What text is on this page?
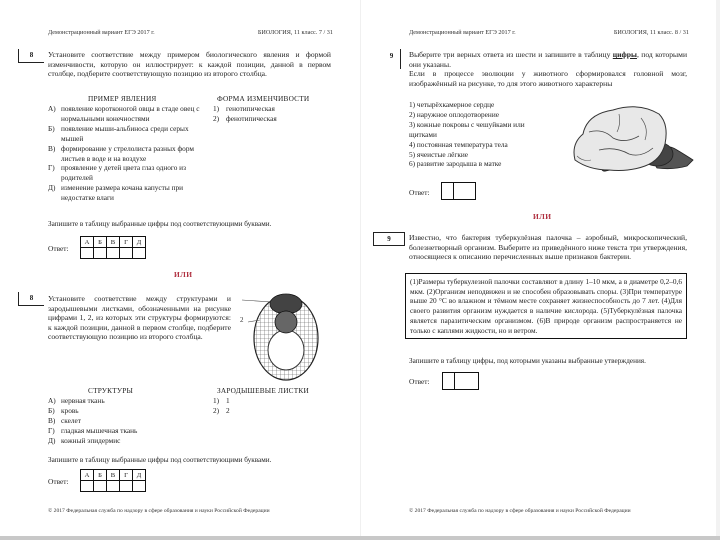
Демонстрационный вариант ЕГЭ 2017 г.	БИОЛОГИЯ, 11 класс. 7 / 31
8	Установите соответствие между примером биологического явления и формой изменчивости, которую он иллюстрирует: к каждой позиции, данной в первом столбце, подберите соответствующую позицию из второго столбца.
ПРИМЕР ЯВЛЕНИЯ	ФОРМА ИЗМЕНЧИВОСТИ
А) появление коротконогой овцы в стаде овец с нормальными конечностями
Б) появление мыши-альбиноса среди серых мышей
В) формирование у стрелолиста разных форм листьев в воде и на воздухе
Г) проявление у детей цвета глаз одного из родителей
Д) изменение размера кочана капусты при недостатке влаги
1) генотипическая
2) фенотипическая
Запишите в таблицу выбранные цифры под соответствующими буквами.
Ответ:
А	Б	В	Г	Д

ИЛИ
8	Установите соответствие между структурами и зародышевыми листками, обозначенными на рисунке цифрами 1, 2, из которых эти структуры формируются: к каждой позиции, данной в первом столбце, подберите соответствующую позицию из второго столбца.
2
СТРУКТУРЫ	ЗАРОДЫШЕВЫЕ ЛИСТКИ
А) нервная ткань
Б) кровь
В) скелет
Г) гладкая мышечная ткань
Д) кожный эпидермис
1) 1
2) 2
Запишите в таблицу выбранные цифры под соответствующими буквами.
Ответ:
А	Б	В	Г	Д

© 2017 Федеральная служба по надзору в сфере образования и науки Российской Федерации
Демонстрационный вариант ЕГЭ 2017 г.	БИОЛОГИЯ, 11 класс. 8 / 31
9	Выберите три верных ответа из шести и запишите в таблицу цифры, под которыми они указаны.
Если в процессе эволюции у животного сформировался головной мозг, изображённый на рисунке, то для этого животного характерны
1) четырёхкамерное сердце
2) наружное оплодотворение
3) кожные покровы с чешуйками или щитками
4) постоянная температура тела
5) ячеистые лёгкие
6) развитие зародыша в матке
Ответ:

ИЛИ
9	Известно, что бактерия туберкулёзная палочка – аэробный, микроскопический, болезнетворный организм. Выберите из приведённого ниже текста три утверждения, относящиеся к описанию перечисленных выше признаков бактерии.
(1)Размеры туберкулезной палочки составляют в длину 1–10 мкм, а в диаметре 0,2–0,6 мкм. (2)Организм неподвижен и не способен образовывать споры. (3)При температуре выше 20 °С во влажном и тёмном месте сохраняет жизнеспособность до 7 лет. (4)Для своего развития организм нуждается в наличие кислорода. (5)Туберкулёзная палочка является паразитическим организмом. (6)В природе организм распространяется не только с каплями жидкости, но и ветром.
Запишите в таблицу цифры, под которыми указаны выбранные утверждения.
Ответ:

© 2017 Федеральная служба по надзору в сфере образования и науки Российской Федерации
